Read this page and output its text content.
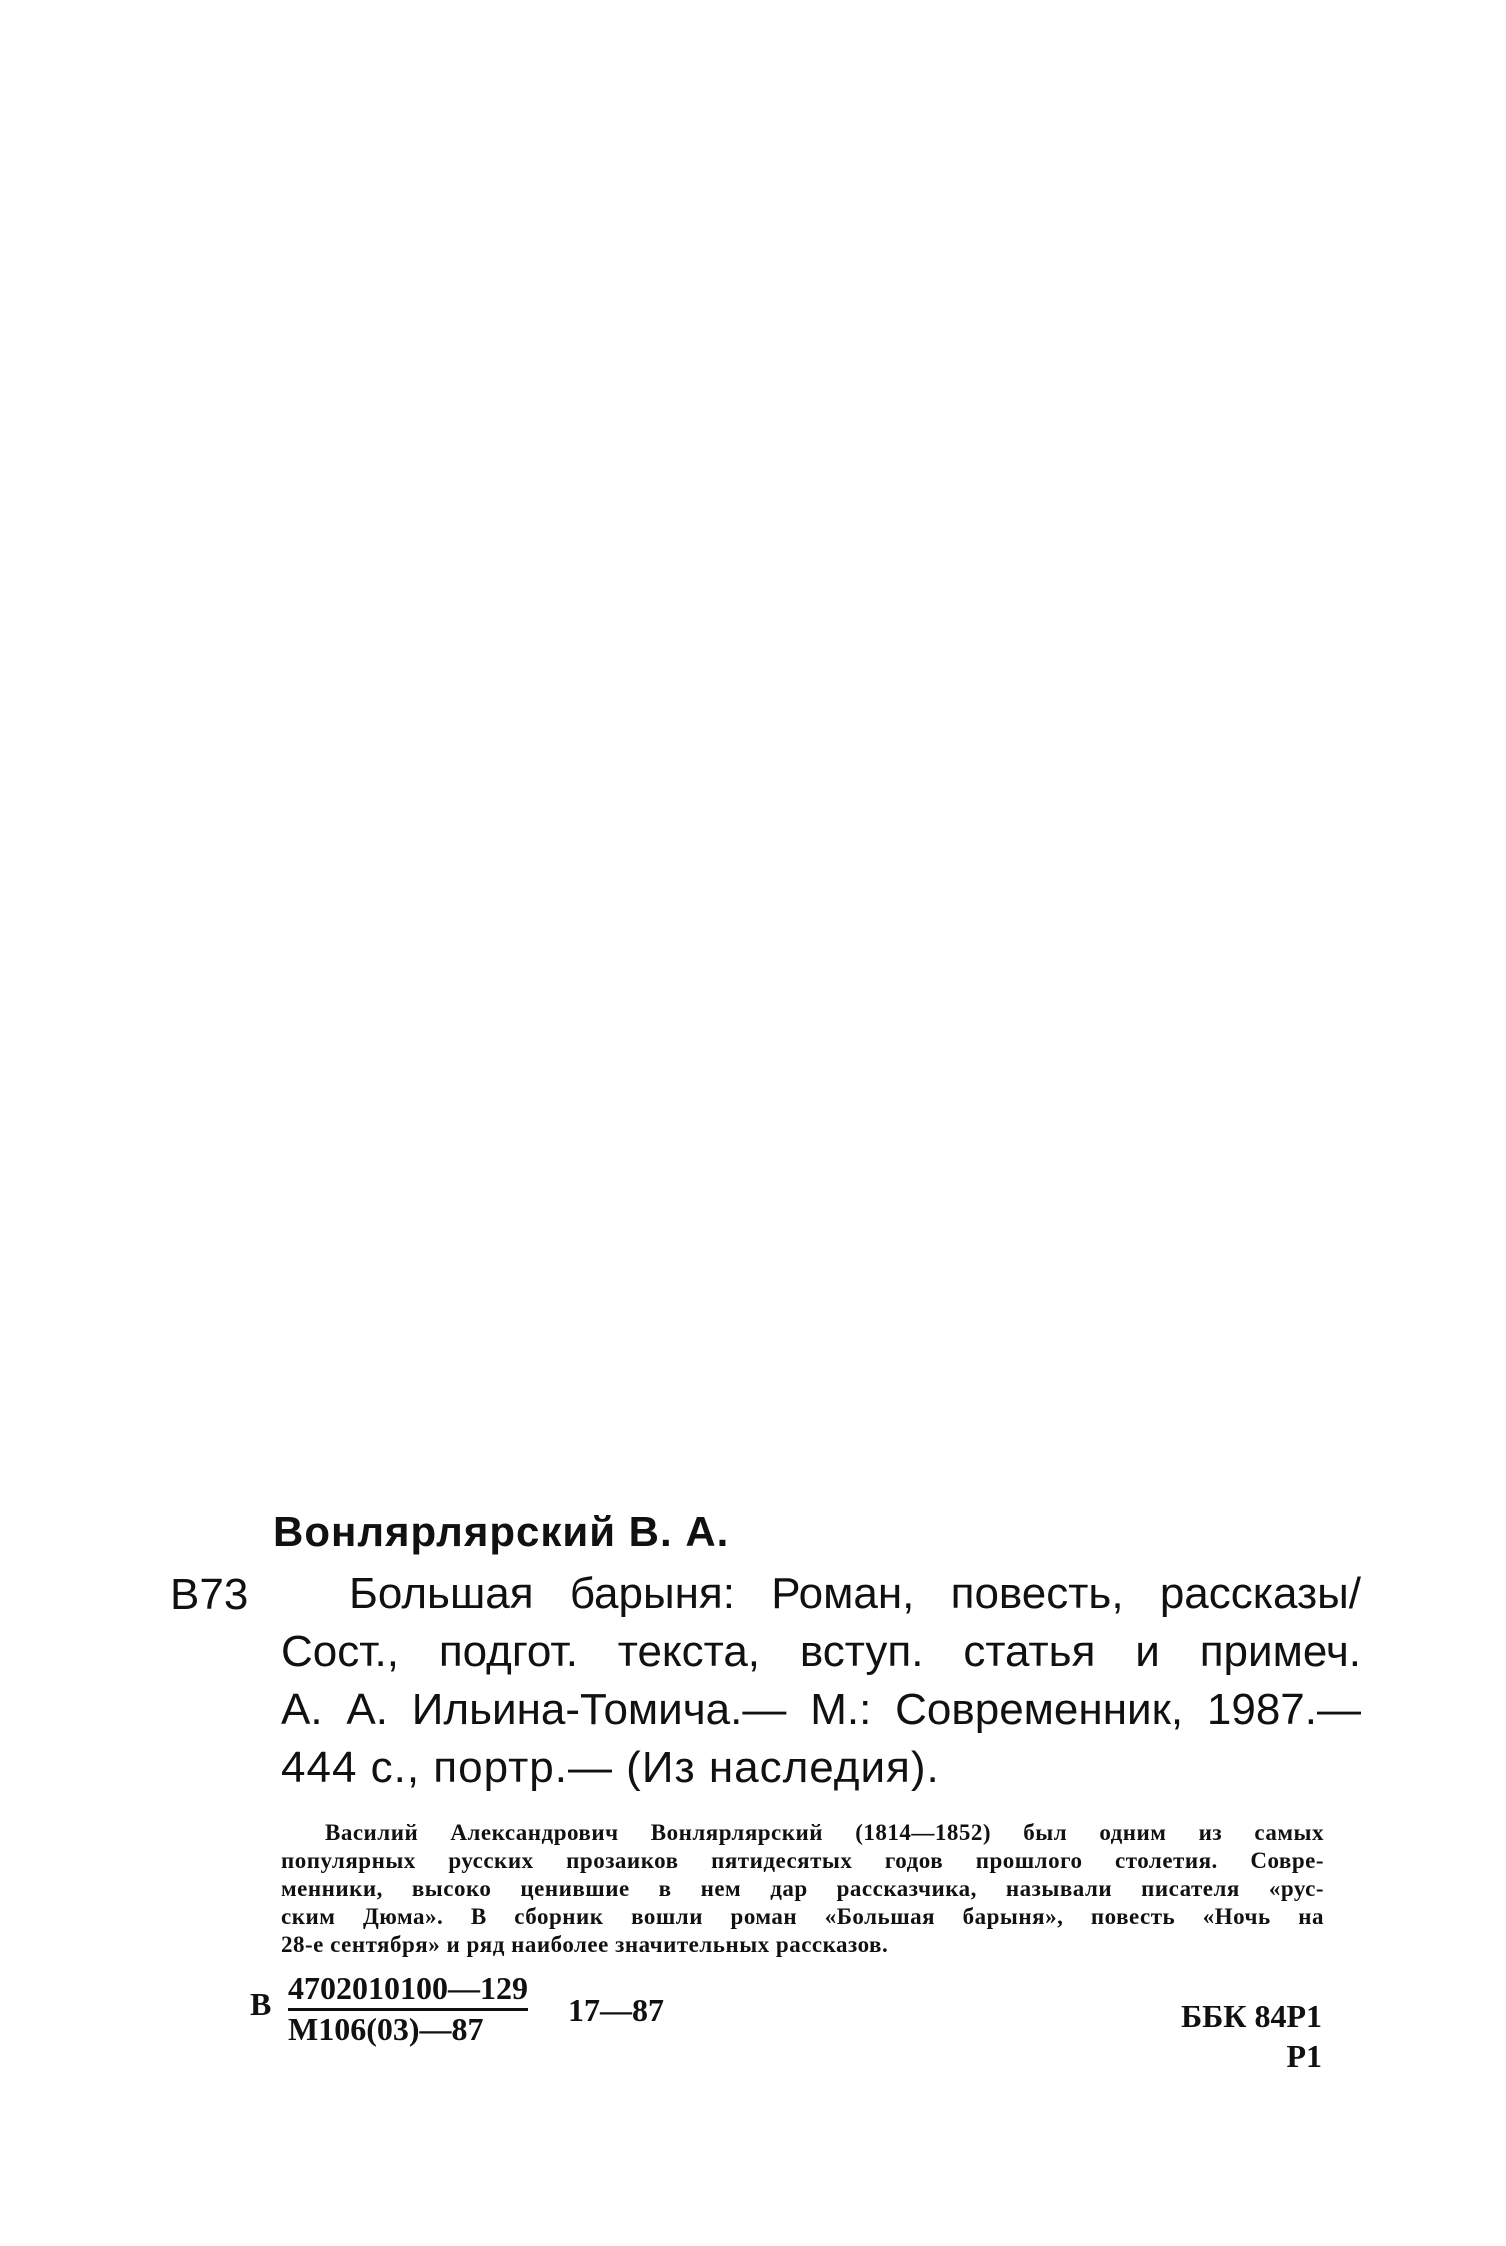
Вонлярлярский В. А.
В73	Большая барыня: Роман, повесть, рассказы/
Сост., подгот. текста, вступ. статья и примеч.
А. А. Ильина-Томича.— М.: Современник, 1987.—
444 с., портр.— (Из наследия).
Василий Александрович Вонлярлярский (1814—1852) был одним из самых
популярных русских прозаиков пятидесятых годов прошлого столетия. Совре-
менники, высоко ценившие в нем дар рассказчика, называли писателя «рус-
ским Дюма». В сборник вошли роман «Большая барыня», повесть «Ночь на
28-е сентября» и ряд наиболее значительных рассказов.
В 4702010100—129
М106(03)—87
17—87	ББК 84Р1
Р1
